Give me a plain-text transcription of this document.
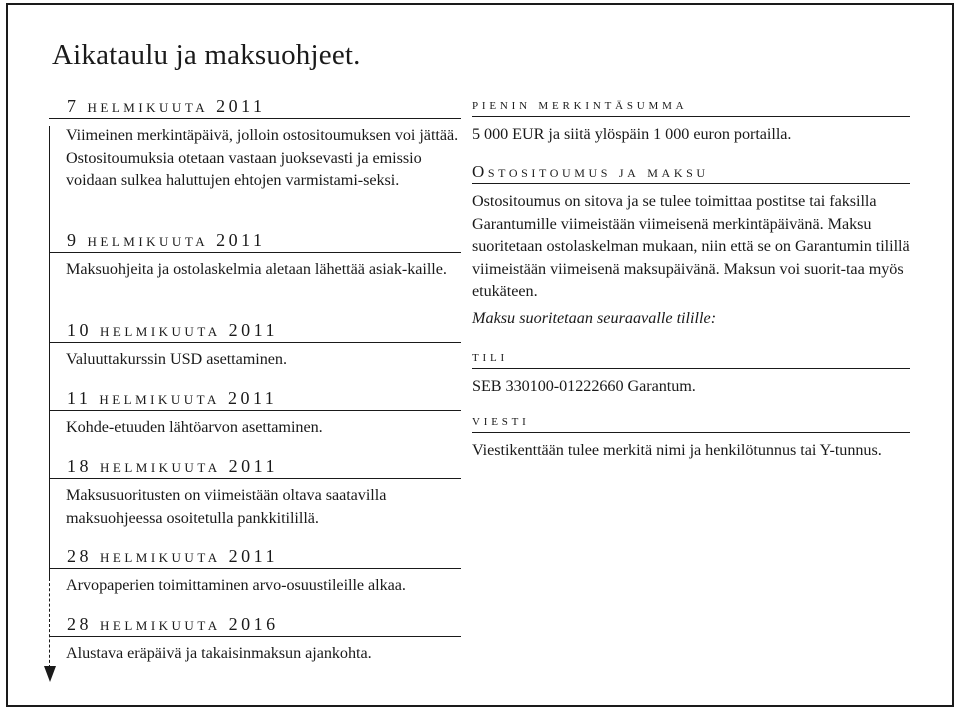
Aikataulu ja maksuohjeet.
7 helmikuuta 2011
Viimeinen merkintäpäivä, jolloin ostositoumuksen voi jättää. Ostositoumuksia otetaan vastaan juoksevasti ja emissio voidaan sulkea haluttujen ehtojen varmistami-seksi.
9 helmikuuta 2011
Maksuohjeita ja ostolaskelmia aletaan lähettää asiak-kaille.
10 helmikuuta 2011
Valuuttakurssin USD asettaminen.
11 helmikuuta 2011
Kohde-etuuden lähtöarvon asettaminen.
18 helmikuuta 2011
Maksusuoritusten on viimeistään oltava saatavilla maksuohjeessa osoitetulla pankkitilillä.
28 helmikuuta 2011
Arvopaperien toimittaminen arvo-osuustileille alkaa.
28 helmikuuta 2016
Alustava eräpäivä ja takaisinmaksun ajankohta.
pienin merkintäsumma
5 000 EUR ja siitä ylöspäin 1 000 euron portailla.
Ostositoumus ja maksu
Ostositoumus on sitova ja se tulee toimittaa postitse tai faksilla Garantumille viimeistään viimeisenä merkintäpäivänä. Maksu suoritetaan ostolaskelman mukaan, niin että se on Garantumin tilillä viimeistään viimeisenä maksupäivänä. Maksun voi suorit-taa myös etukäteen.
Maksu suoritetaan seuraavalle tilille:
tili
SEB 330100-01222660 Garantum.
viesti
Viestikenttään tulee merkitä nimi ja henkilötunnus tai Y-tunnus.
